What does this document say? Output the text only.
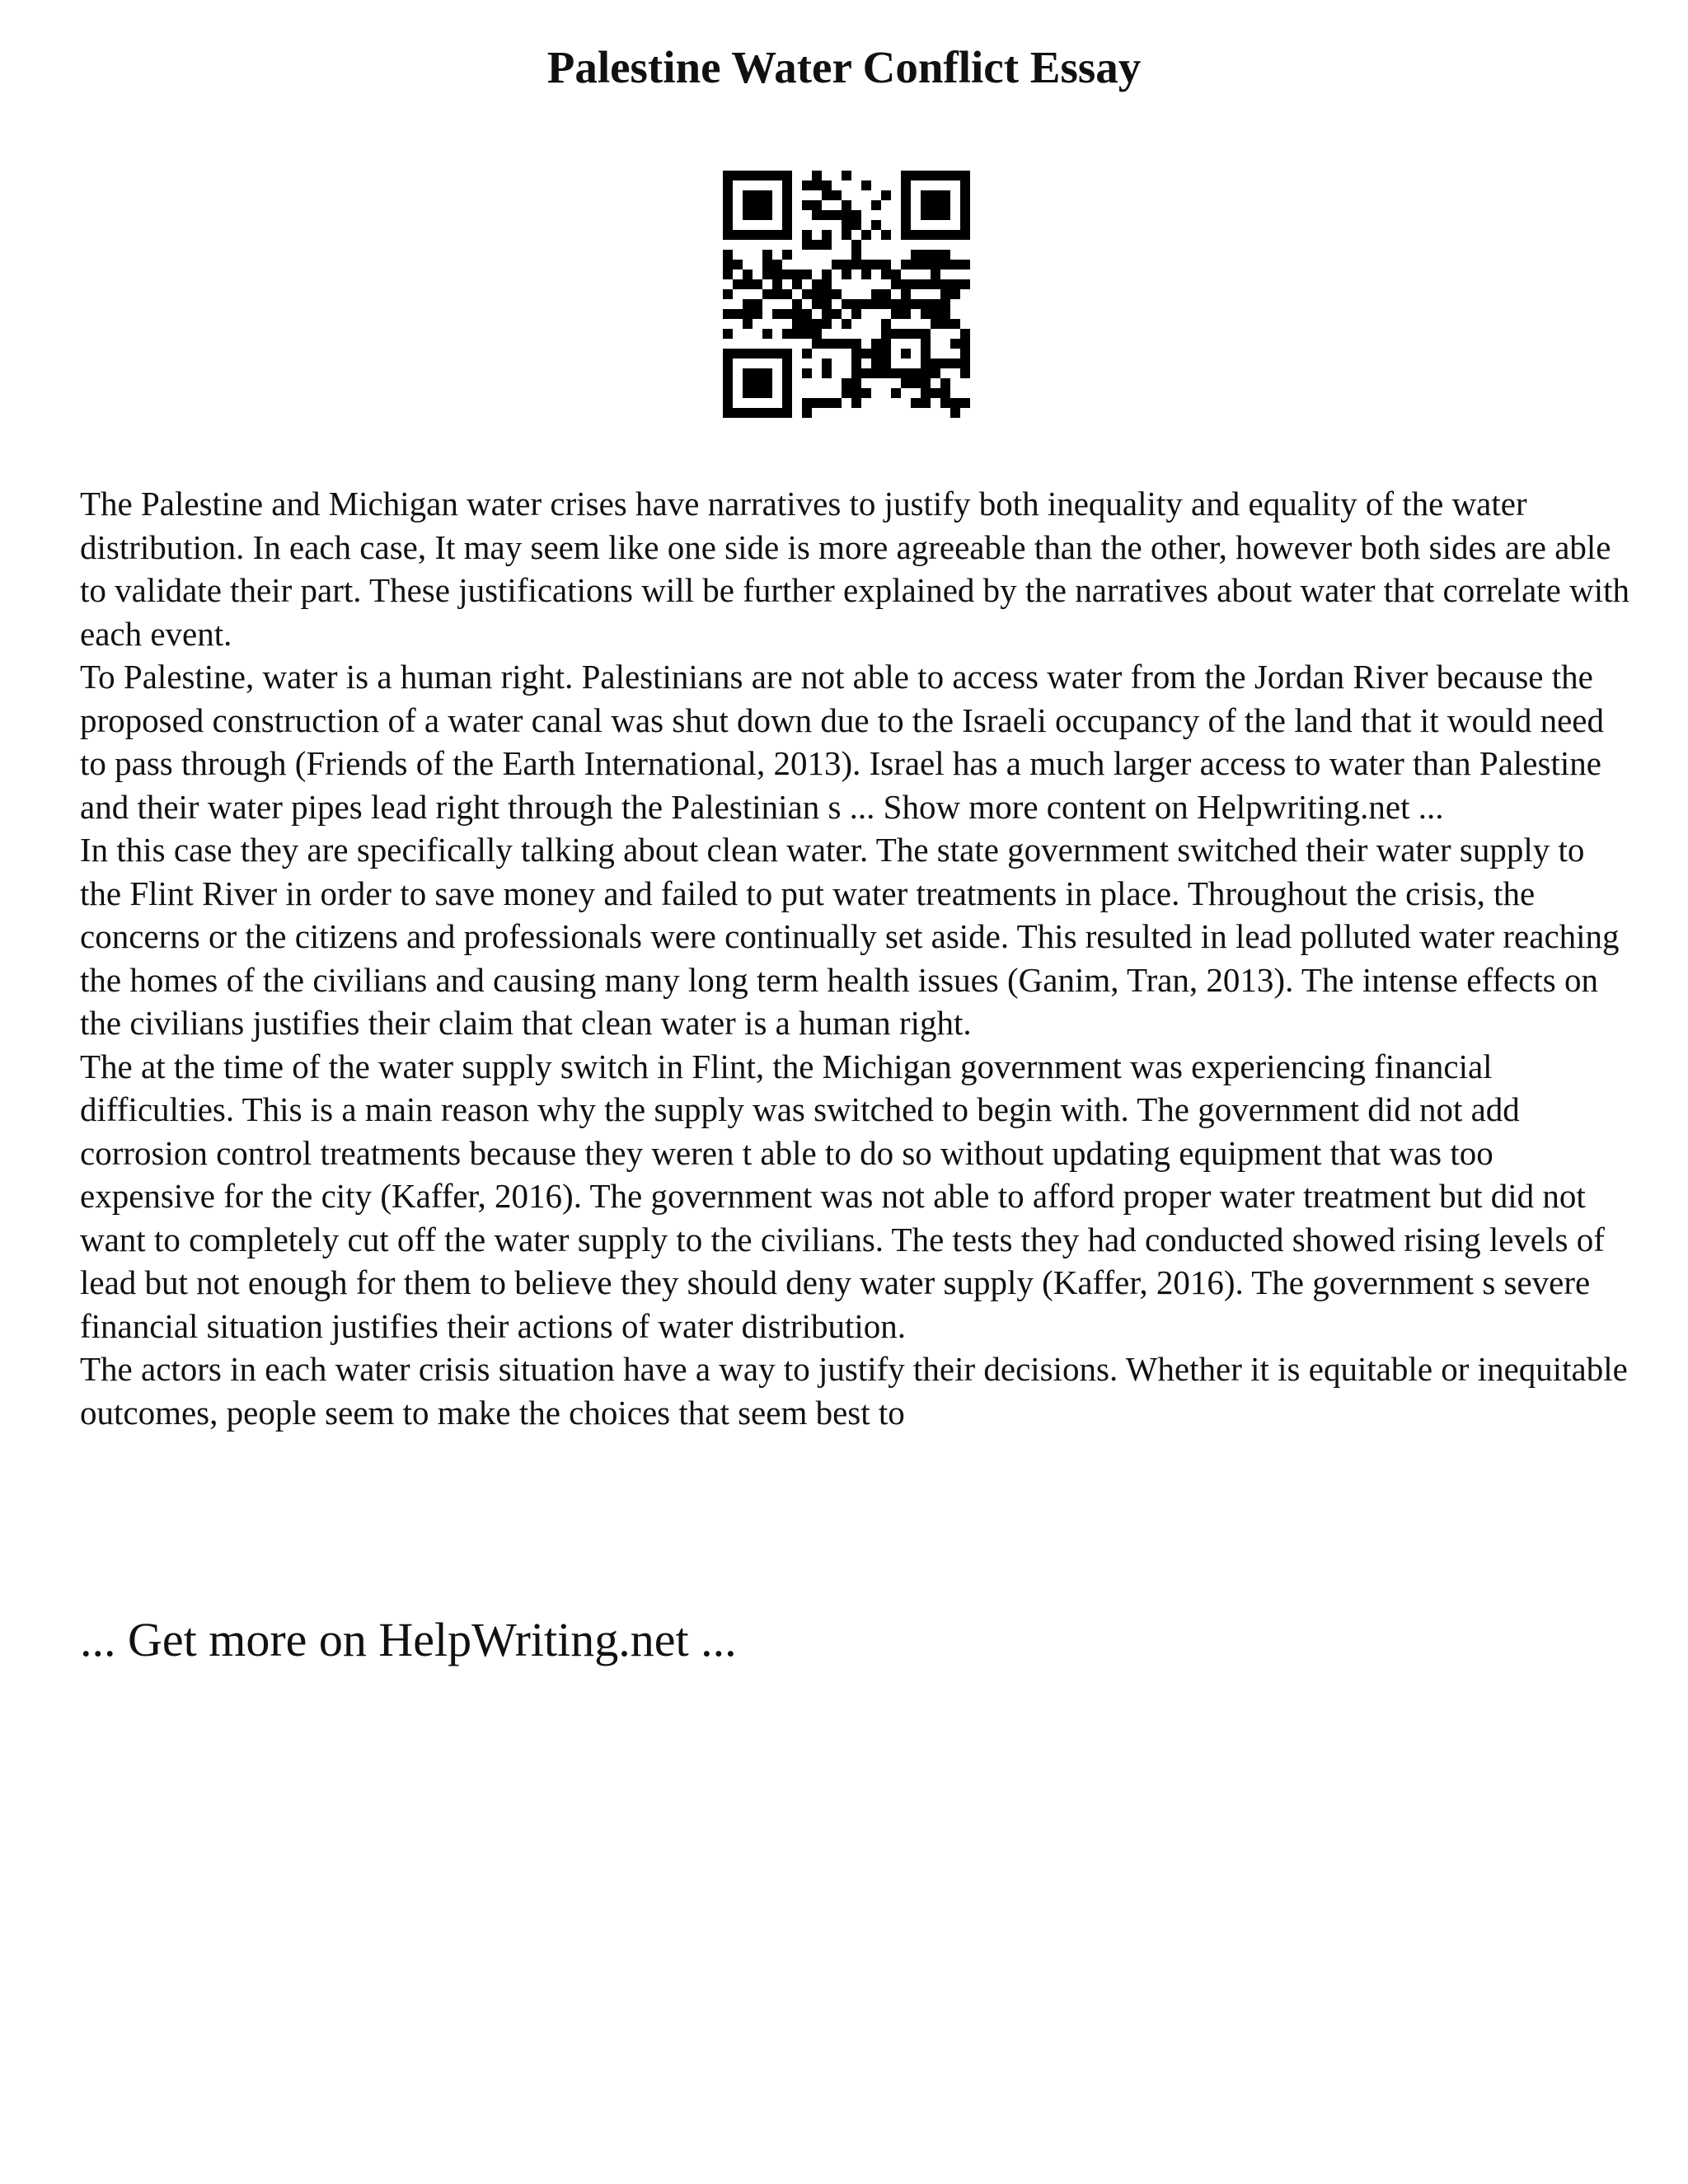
Palestine Water Conflict Essay

The Palestine and Michigan water crises have narratives to justify both inequality and equality of the water distribution. In each case, It may seem like one side is more agreeable than the other, however both sides are able to validate their part. These justifications will be further explained by the narratives about water that correlate with each event.

To Palestine, water is a human right. Palestinians are not able to access water from the Jordan River because the proposed construction of a water canal was shut down due to the Israeli occupancy of the land that it would need to pass through (Friends of the Earth International, 2013). Israel has a much larger access to water than Palestine and their water pipes lead right through the Palestinian s ... Show more content on Helpwriting.net ...

In this case they are specifically talking about clean water. The state government switched their water supply to the Flint River in order to save money and failed to put water treatments in place. Throughout the crisis, the concerns or the citizens and professionals were continually set aside. This resulted in lead polluted water reaching the homes of the civilians and causing many long term health issues (Ganim, Tran, 2013). The intense effects on the civilians justifies their claim that clean water is a human right.

The at the time of the water supply switch in Flint, the Michigan government was experiencing financial difficulties. This is a main reason why the supply was switched to begin with. The government did not add corrosion control treatments because they weren t able to do so without updating equipment that was too expensive for the city (Kaffer, 2016). The government was not able to afford proper water treatment but did not want to completely cut off the water supply to the civilians. The tests they had conducted showed rising levels of lead but not enough for them to believe they should deny water supply (Kaffer, 2016). The government s severe financial situation justifies their actions of water distribution.

The actors in each water crisis situation have a way to justify their decisions. Whether it is equitable or inequitable outcomes, people seem to make the choices that seem best to

... Get more on HelpWriting.net ...
